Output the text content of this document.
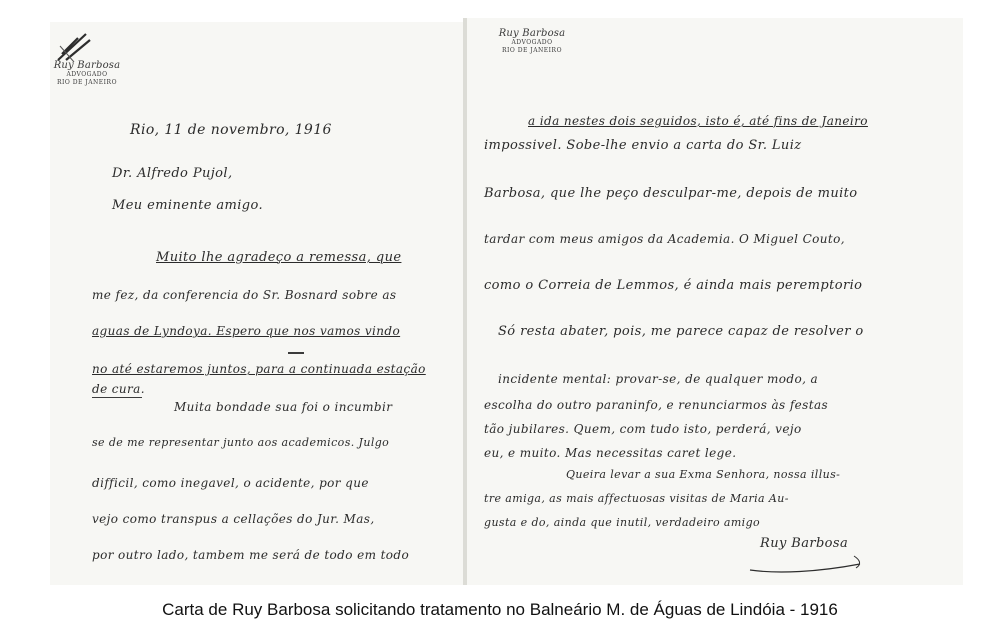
Ruy Barbosa
ADVOGADO
RIO DE JANEIRO
Ruy Barbosa
ADVOGADO
RIO DE JANEIRO
Rio, 11 de novembro, 1916
Dr. Alfredo Pujol,
Meu eminente amigo.
Muito lhe agradeço a remessa, que
me fez, da conferencia do Sr. Bosnard sobre as
aguas de Lyndoya. Espero que nos vamos vindo
no até estaremos juntos, para a continuada estação
de cura.
Muita bondade sua foi o incumbir
se de me representar junto aos academicos. Julgo
difficil, como inegavel, o acidente, por que
vejo como transpus a cellações do Jur. Mas,
por outro lado, tambem me será de todo em todo
a ida nestes dois seguidos, isto é, até fins de Janeiro
impossivel. Sobe-lhe envio a carta do Sr. Luiz
Barbosa, que lhe peço desculpar-me, depois de muito
tardar com meus amigos da Academia. O Miguel Couto,
como o Correia de Lemmos, é ainda mais peremptorio
Só resta abater, pois, me parece capaz de resolver o
incidente mental: provar-se, de qualquer modo, a
escolha do outro paraninfo, e renunciarmos às festas
tão jubilares. Quem, com tudo isto, perderá, vejo
eu, e muito. Mas necessitas caret lege.
Queira levar a sua Exma Senhora, nossa illus-
tre amiga, as mais affectuosas visitas de Maria Au-
gusta e do, ainda que inutil, verdadeiro amigo
Ruy Barbosa
Carta de Ruy Barbosa solicitando tratamento no Balneário M. de Águas de Lindóia - 1916
